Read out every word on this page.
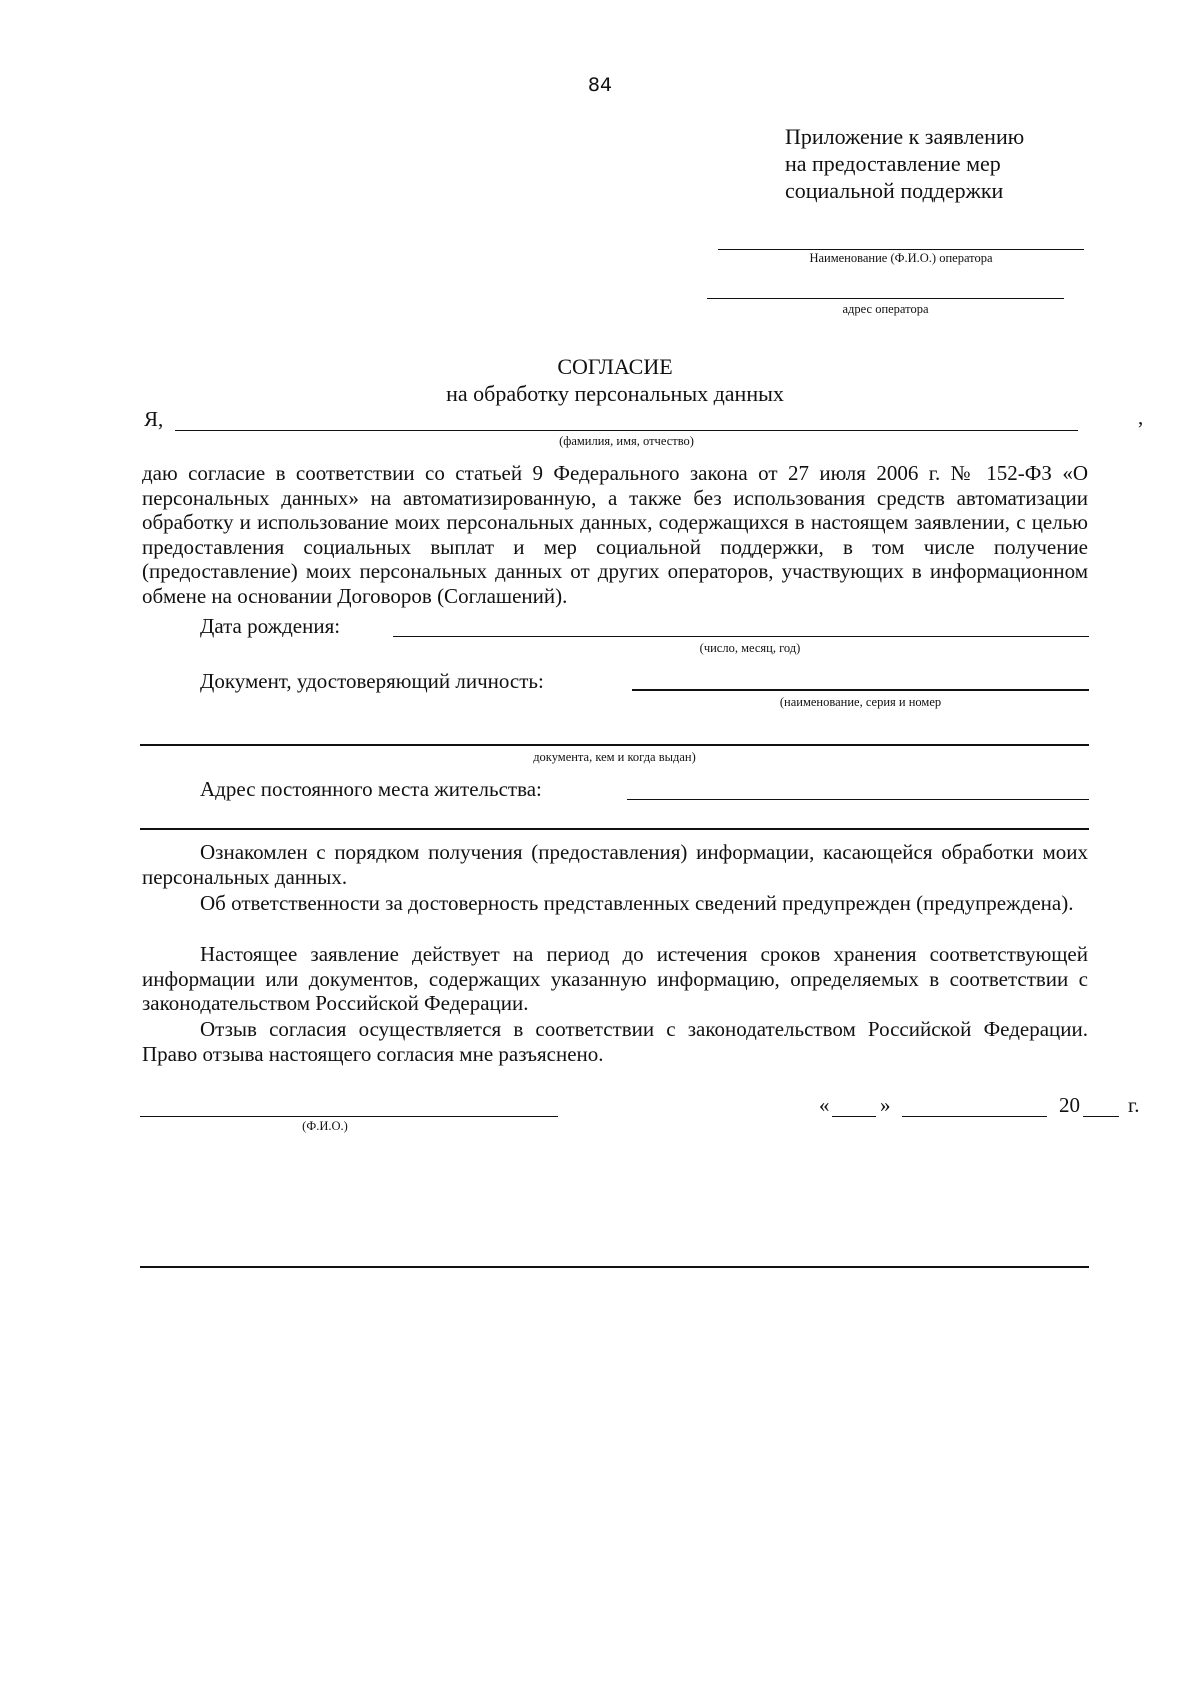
84
Приложение к заявлению
на предоставление мер
социальной поддержки
Наименование (Ф.И.О.) оператора
адрес оператора
СОГЛАСИЕ
на обработку персональных данных
Я,	,
(фамилия, имя, отчество)
даю согласие в соответствии со статьей 9 Федерального закона от 27 июля 2006 г. № 152-ФЗ «О персональных данных» на автоматизированную, а также без использования средств автоматизации обработку и использование моих персональных данных, содержащихся в настоящем заявлении, с целью предоставления социальных выплат и мер социальной поддержки, в том числе получение (предоставление) моих персональных данных от других операторов, участвующих в информационном обмене на основании Договоров (Соглашений).
Дата рождения:
(число, месяц, год)
Документ, удостоверяющий личность:
(наименование, серия и номер
документа, кем и когда выдан)
Адрес постоянного места жительства:
Ознакомлен с порядком получения (предоставления) информации, касающейся обработки моих персональных данных.
Об ответственности за достоверность представленных сведений предупрежден (предупреждена).
Настоящее заявление действует на период до истечения сроков хранения соответствующей информации или документов, содержащих указанную информацию, определяемых в соответствии с законодательством Российской Федерации.
Отзыв согласия осуществляется в соответствии с законодательством Российской Федерации. Право отзыва настоящего согласия мне разъяснено.
(Ф.И.О.)
« »	20 г.
